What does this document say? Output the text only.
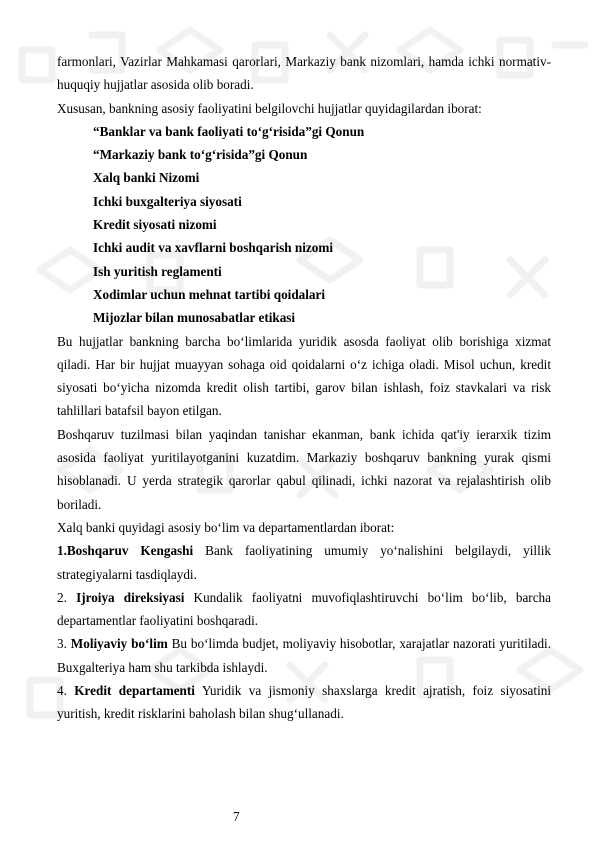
farmonlari, Vazirlar Mahkamasi qarorlari, Markaziy bank nizomlari, hamda ichki normativ-huquqiy hujjatlar asosida olib boradi.

Xususan, bankning asosiy faoliyatini belgilovchi hujjatlar quyidagilardan iborat:

“Banklar va bank faoliyati to‘g‘risida”gi Qonun

“Markaziy bank to‘g‘risida”gi Qonun

Xalq banki Nizomi

Ichki buxgalteriya siyosati

Kredit siyosati nizomi

Ichki audit va xavflarni boshqarish nizomi

Ish yuritish reglamenti

Xodimlar uchun mehnat tartibi qoidalari

Mijozlar bilan munosabatlar etikasi

Bu hujjatlar bankning barcha bo‘limlarida yuridik asosda faoliyat olib borishiga xizmat qiladi. Har bir hujjat muayyan sohaga oid qoidalarni o‘z ichiga oladi. Misol uchun, kredit siyosati bo‘yicha nizomda kredit olish tartibi, garov bilan ishlash, foiz stavkalari va risk tahlillari batafsil bayon etilgan.

Boshqaruv tuzilmasi bilan yaqindan tanishar ekanman, bank ichida qat'iy ierarxik tizim asosida faoliyat yuritilayotganini kuzatdim. Markaziy boshqaruv bankning yurak qismi hisoblanadi. U yerda strategik qarorlar qabul qilinadi, ichki nazorat va rejalashtirish olib boriladi.

Xalq banki quyidagi asosiy bo‘lim va departamentlardan iborat:

1.Boshqaruv Kengashi Bank faoliyatining umumiy yo‘nalishini belgilaydi, yillik strategiyalarni tasdiqlaydi.

2. Ijroiya direksiyasi Kundalik faoliyatni muvofiqlashtiruvchi bo‘lim bo‘lib, barcha departamentlar faoliyatini boshqaradi.

3. Moliyaviy bo‘lim Bu bo‘limda budjet, moliyaviy hisobotlar, xarajatlar nazorati yuritiladi. Buxgalteriya ham shu tarkibda ishlaydi.

4. Kredit departamenti Yuridik va jismoniy shaxslarga kredit ajratish, foiz siyosatini yuritish, kredit risklarini baholash bilan shug‘ullanadi.

7
